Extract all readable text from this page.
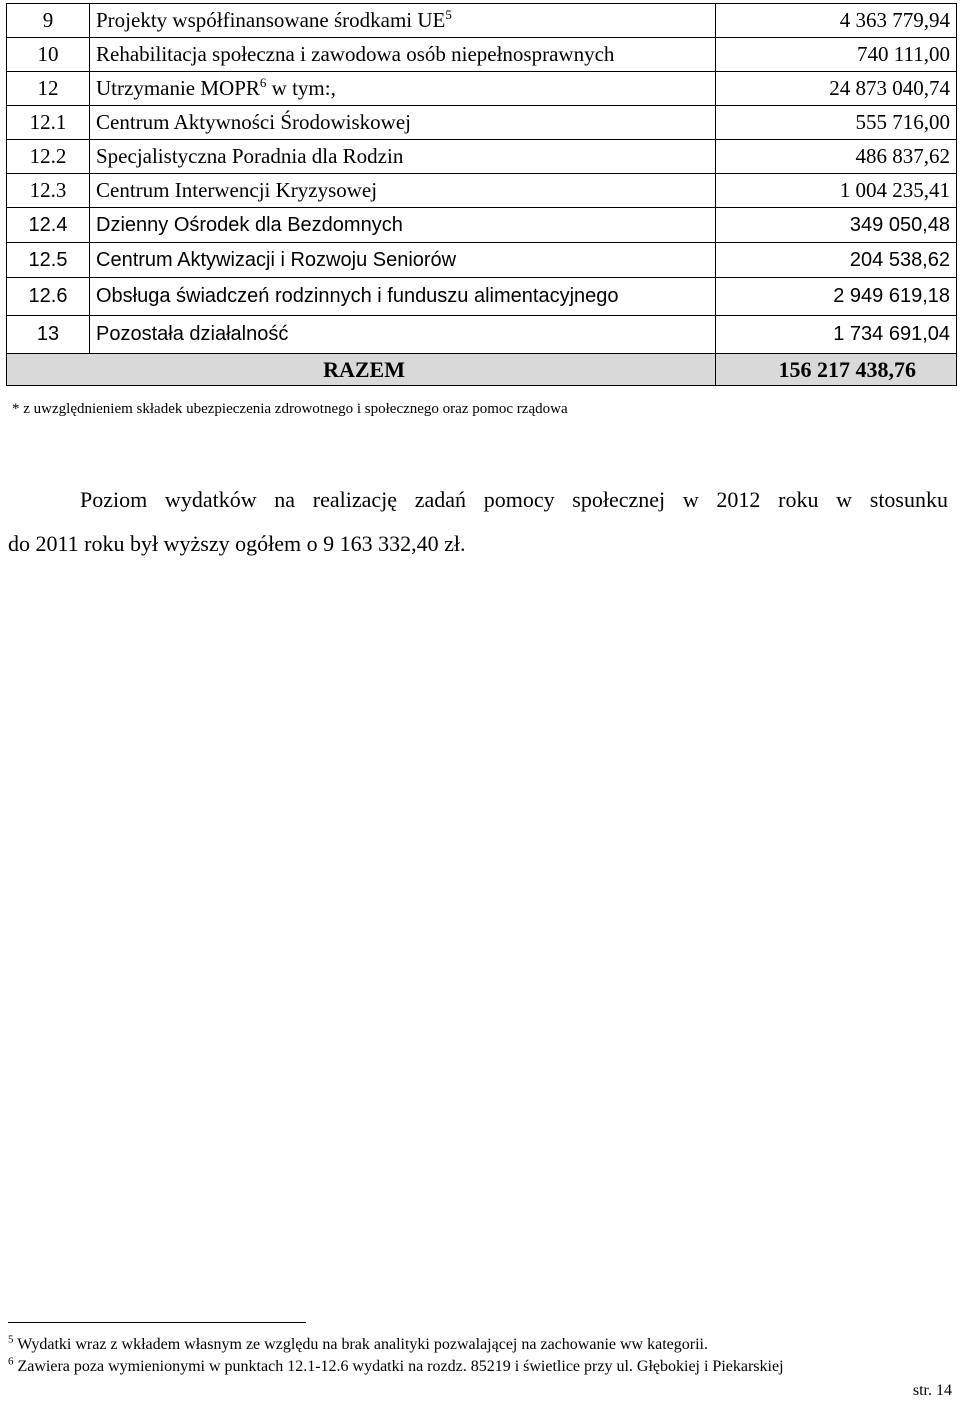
9	Projekty współfinansowane środkami $UE^5$	4 363 779,94
10	Rehabilitacja społeczna i zawodowa osób niepełnosprawnych	740 111,00
12	Utrzymanie MOPR$^6$ w tym:,	24 873 040,74
12.1	Centrum Aktywności Środowiskowej	555 716,00
12.2	Specjalistyczna Poradnia dla Rodzin	486 837,62
12.3	Centrum Interwencji Kryzysowej	1 004 235,41
12.4	Dzienny Ośrodek dla Bezdomnych	349 050,48
12.5	Centrum Aktywizacji i Rozwoju Seniorów	204 538,62
12.6	Obsługa świadczeń rodzinnych i funduszu alimentacyjnego	2 949 619,18
13	Pozostała działalność	1 734 691,04
RAZEM		156 217 438,76
* z uwzględnieniem składek ubezpieczenia zdrowotnego i społecznego oraz pomoc rządowa
Poziom wydatków na realizację zadań pomocy społecznej w 2012 roku w stosunku
do 2011 roku był wyższy ogółem o 9 163 332,40 zł.
$^5$ Wydatki wraz z wkładem własnym ze względu na brak analityki pozwalającej na zachowanie ww kategorii.
$^6$ Zawiera poza wymienionymi w punktach 12.1-12.6 wydatki na rozdz. 85219 i świetlice przy ul. Głębokiej i Piekarskiej
str. 14
